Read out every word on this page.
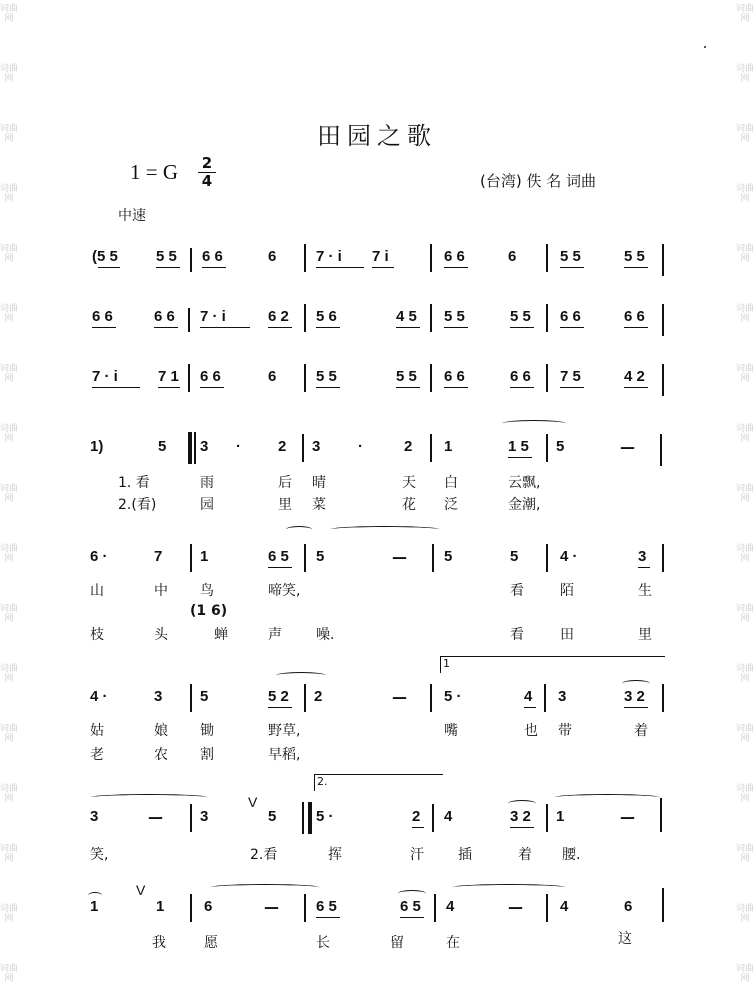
词曲网
词曲网
词曲网
词曲网
词曲网
词曲网
词曲网
词曲网
词曲网
词曲网
词曲网
词曲网
词曲网
词曲网
词曲网
词曲网
词曲网
词曲网
词曲网
词曲网
词曲网
词曲网
词曲网
词曲网
词曲网
词曲网
词曲网
词曲网
词曲网
词曲网
词曲网
词曲网
词曲网
词曲网
田园之歌
1 = G 2
4	(台湾) 佚 名 词曲
中速
(5 5	5 5 6 6	6	7 · i 7 i	6 6	6	5 5	5 5
6 6	6 6 7 · i	6 2 5 6	4 5 5 5	5 5 6 6	6 6
7 · i	7 1 6 6	6	5 5	5 5 6 6	6 6 7 5	4 2
1)	5 3 · 2 3	·	2 1	1 5 5	—
1. 看	雨	后 晴	天 白	云飘,
2.(看)	园	里 菜	花 泛	金潮,
6 ·	7	1	6 5 5	— 5	5	4 ·	3
山	中 鸟	啼笑,	看	陌	生
(1 6)
枝	头	蝉	声 噪.	看	田	里
1
4 ·	3	5	5 2 2	— 5 ·	4 3	3 2
姑	娘 锄	野草,	嘴	也 带	着
老	农 割	早稻,
2.
3	— 3
V
5	5 ·	2 4	3 2 1	—
笑,	2.看	挥	汗 插	着 腰.
1
V
1	6	— 6 5	6 5 4	— 4	6
我	愿	长	留	在	这
